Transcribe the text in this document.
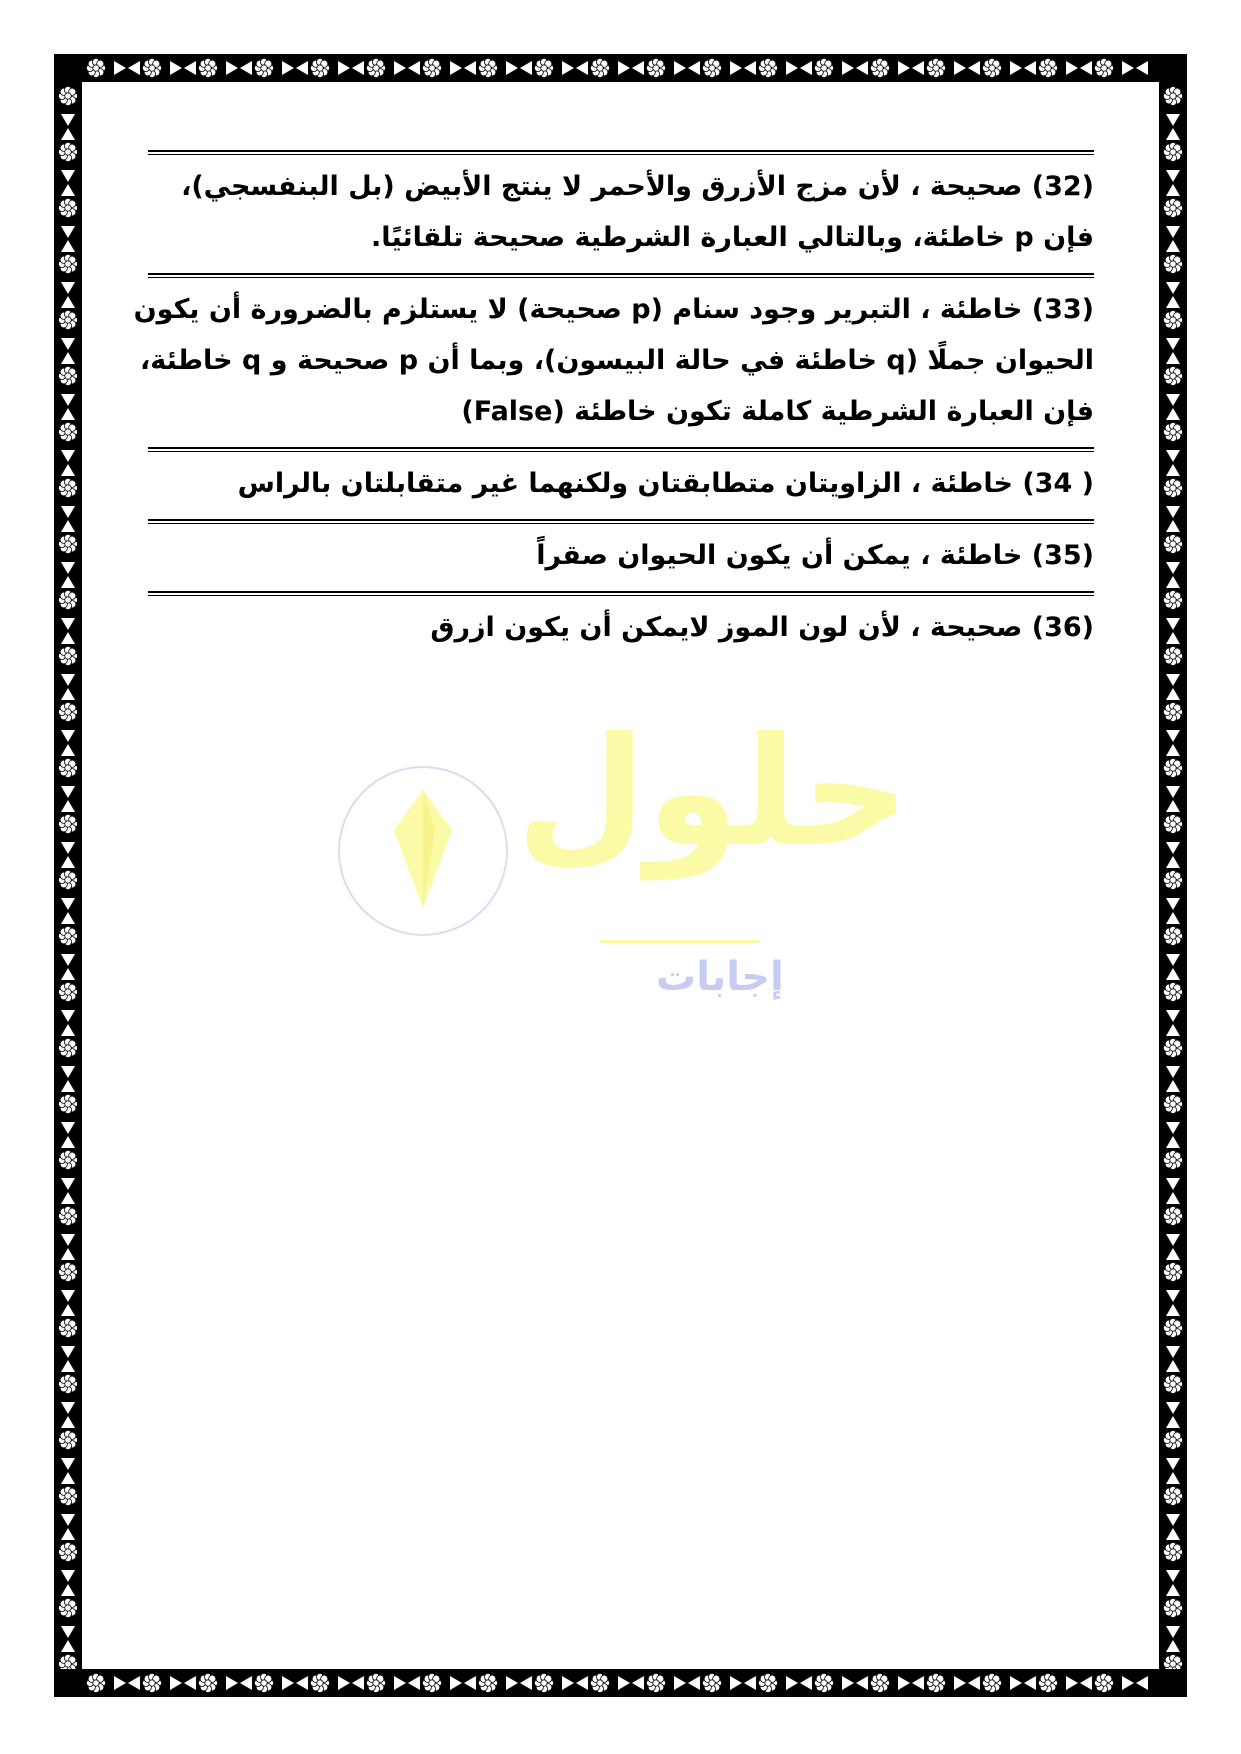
(32) صحيحة ، لأن مزج الأزرق والأحمر لا ينتج الأبيض (بل البنفسجي)،

فإن p خاطئة، وبالتالي العبارة الشرطية صحيحة تلقائيًا.

(33) خاطئة ، التبرير وجود سنام (p صحيحة) لا يستلزم بالضرورة أن يكون

الحيوان جملًا (q خاطئة في حالة البيسون)، وبما أن p صحيحة و q خاطئة،

فإن العبارة الشرطية كاملة تكون خاطئة (False)

( 34) خاطئة ، الزاويتان متطابقتان ولكنهما غير متقابلتان بالراس

(35) خاطئة ، يمكن أن يكون الحيوان صقراً

(36) صحيحة ، لأن لون الموز لايمكن أن يكون ازرق

حلول
إجابات
